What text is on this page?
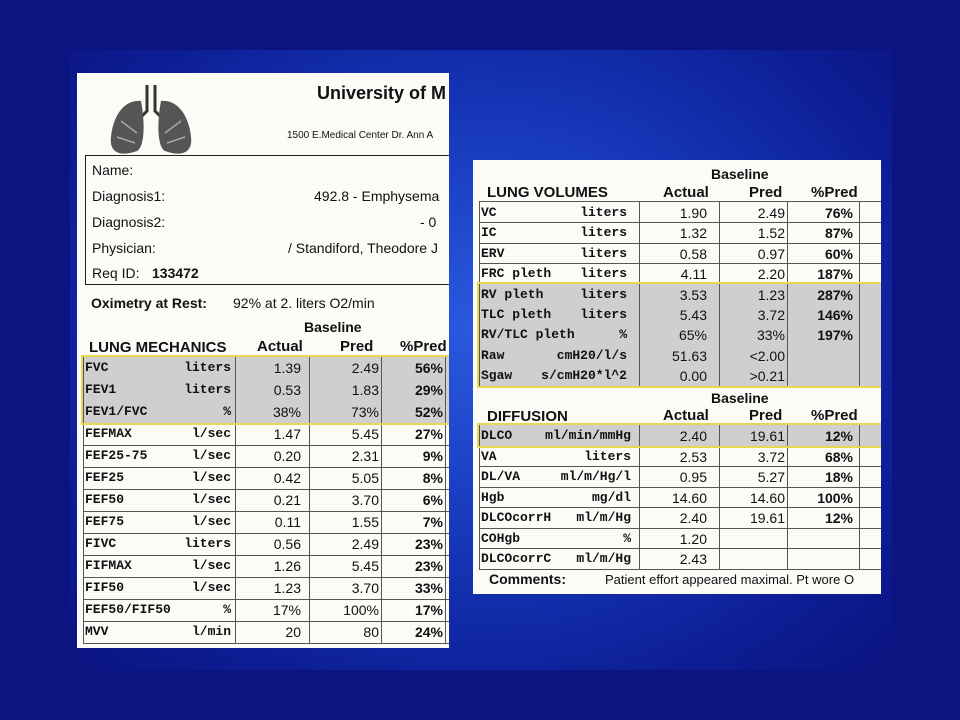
University of M
1500 E.Medical Center Dr. Ann A
Name:
Diagnosis1:	492.8 - Emphysema
Diagnosis2:	- 0
Physician:	/ Standiford, Theodore J
Req ID: 133472
Oximetry at Rest: 92% at 2. liters O2/min
Baseline
LUNG MECHANICS Actual Pred %Pred
FVC	liters	1.39	2.49	56%
FEV1	liters	0.53	1.83	29%
FEV1/FVC	%	38%	73%	52%
FEFMAX	l/sec	1.47	5.45	27%
FEF25-75	l/sec	0.20	2.31	9%
FEF25	l/sec	0.42	5.05	8%
FEF50	l/sec	0.21	3.70	6%
FEF75	l/sec	0.11	1.55	7%
FIVC	liters	0.56	2.49	23%
FIFMAX	l/sec	1.26	5.45	23%
FIF50	l/sec	1.23	3.70	33%
FEF50/FIF50	%	17%	100%	17%
MVV	l/min	20	80	24%
Baseline
LUNG VOLUMES	Actual	Pred %Pred
VC	liters	1.90	2.49	76%
IC	liters	1.32	1.52	87%
ERV	liters	0.58	0.97	60%
FRC pleth	liters	4.11	2.20	187%
RV pleth	liters	3.53	1.23	287%
TLC pleth	liters	5.43	3.72	146%
RV/TLC pleth	%	65%	33%	197%
Raw	cmH20/l/s	51.63	<2.00
Sgaw s/cmH20*l^2	0.00	>0.21
Baseline
DIFFUSION	Actual	Pred %Pred
DLCO	ml/min/mmHg	2.40	19.61	12%
VA	liters	2.53	3.72	68%
DL/VA	ml/m/Hg/l	0.95	5.27	18%
Hgb	mg/dl	14.60	14.60	100%
DLCOcorrH	ml/m/Hg	2.40	19.61	12%
COHgb	%	1.20
DLCOcorrC	ml/m/Hg	2.43
Comments:	Patient effort appeared maximal. Pt wore O
